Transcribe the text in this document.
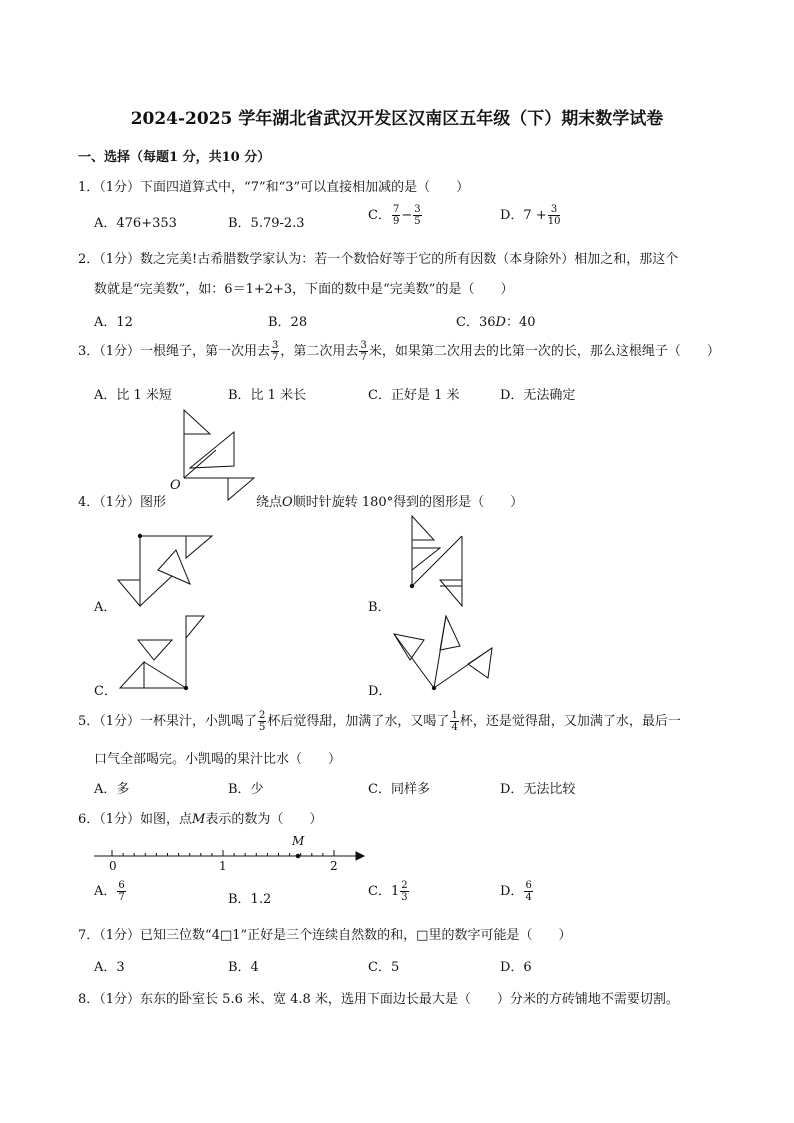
2024-2025 学年湖北省武汉开发区汉南区五年级（下）期末数学试卷
一、选择（每题1 分，共10 分）
1．（1分）下面四道算式中，“7”和“3”可以直接相加减的是（　　）
A．476+353	B．5.79-2.3
C． $\frac{7}{9} - \frac{3}{5}$	D．$7 + \frac{3}{10}$
2．（1分）数之完美!古希腊数学家认为：若一个数恰好等于它的所有因数（本身除外）相加之和，那这个
数就是“完美数”，如：6＝1+2+3，下面的数中是“完美数”的是（　　）
A．12	B．28	C．36D：40
3．（1分）一根绳子，第一次用去 $\frac{3}{7}$ ，第二次用去 $\frac{3}{7}$ 米，如果第二次用去的比第一次的长，那么这根绳子（　　）
A．比 1 米短	B．比 1 米长	C．正好是 1 米	D．无法确定
O
4．（1分）图形	绕点O顺时针旋转 180°得到的图形是（　　）
A．	B．
C．	D．
5．（1分）一杯果汁，小凯喝了 $\frac{2}{5}$ 杯后觉得甜，加满了水，又喝了 $\frac{1}{4}$ 杯，还是觉得甜，又加满了水，最后一
口气全部喝完。小凯喝的果汁比水（　　）
A．多	B．少	C．同样多	D．无法比较
6．（1分）如图，点M表示的数为（　　）
M
0	1	2
A． $\frac{6}{7}$	B．1.2
C．$1 \frac{2}{3}$	D． $\frac{6}{4}$
7．（1分）已知三位数“4□1”正好是三个连续自然数的和，□里的数字可能是（　　）
A．3	B．4	C．5	D．6
8．（1分）东东的卧室长 5.6 米、宽 4.8 米，选用下面边长最大是（　　）分米的方砖铺地不需要切割。
